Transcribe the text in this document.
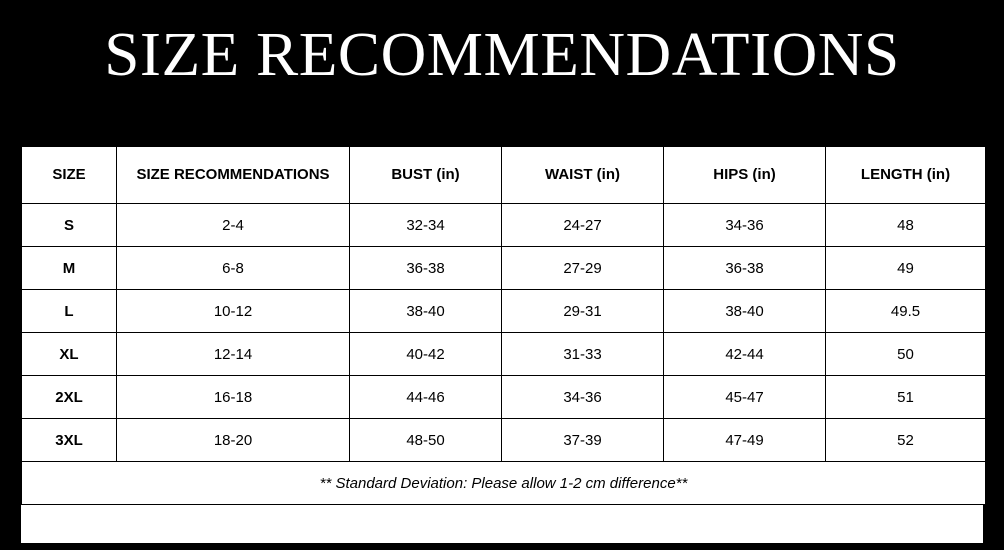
SIZE RECOMMENDATIONS
SIZE	SIZE RECOMMENDATIONS	BUST (in)	WAIST (in)	HIPS (in)	LENGTH (in)
S	2-4	32-34	24-27	34-36	48
M	6-8	36-38	27-29	36-38	49
L	10-12	38-40	29-31	38-40	49.5
XL	12-14	40-42	31-33	42-44	50
2XL	16-18	44-46	34-36	45-47	51
3XL	18-20	48-50	37-39	47-49	52
** Standard Deviation: Please allow 1-2 cm difference**					
